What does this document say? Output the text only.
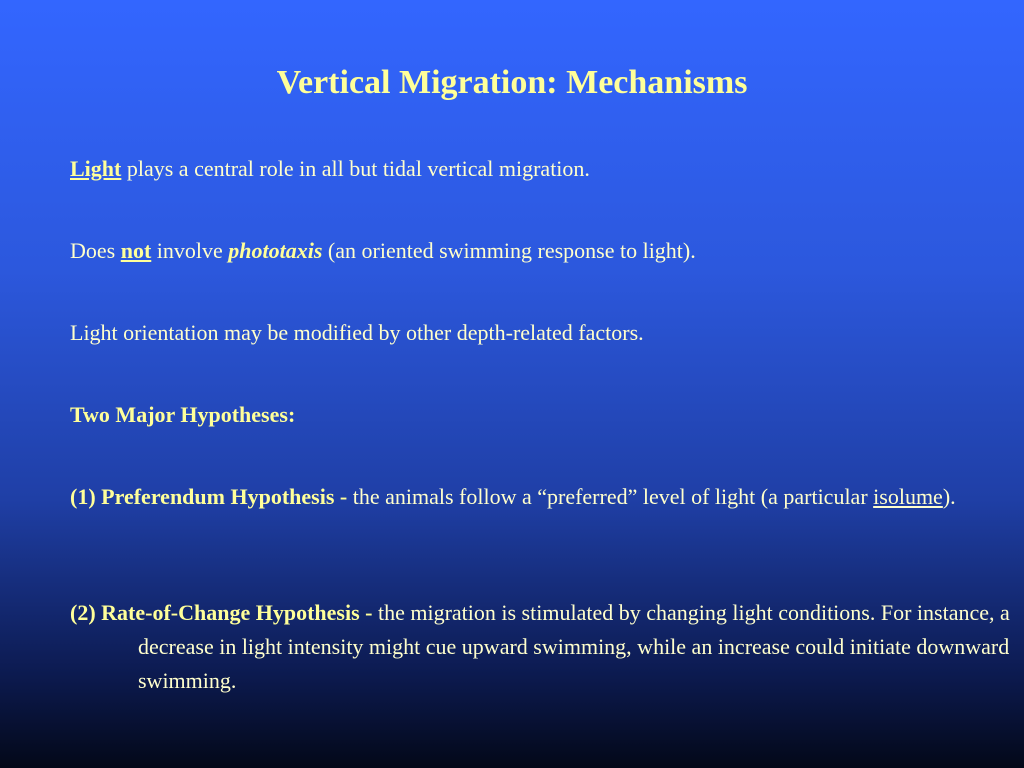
Vertical Migration: Mechanisms

Light plays a central role in all but tidal vertical migration.

Does not involve phototaxis (an oriented swimming response to light).

Light orientation may be modified by other depth-related factors.

Two Major Hypotheses:

(1) Preferendum Hypothesis - the animals follow a “preferred” level of light (a particular isolume).

(2) Rate-of-Change Hypothesis - the migration is stimulated by changing light conditions. For instance, a decrease in light intensity might cue upward swimming, while an increase could initiate downward swimming.
